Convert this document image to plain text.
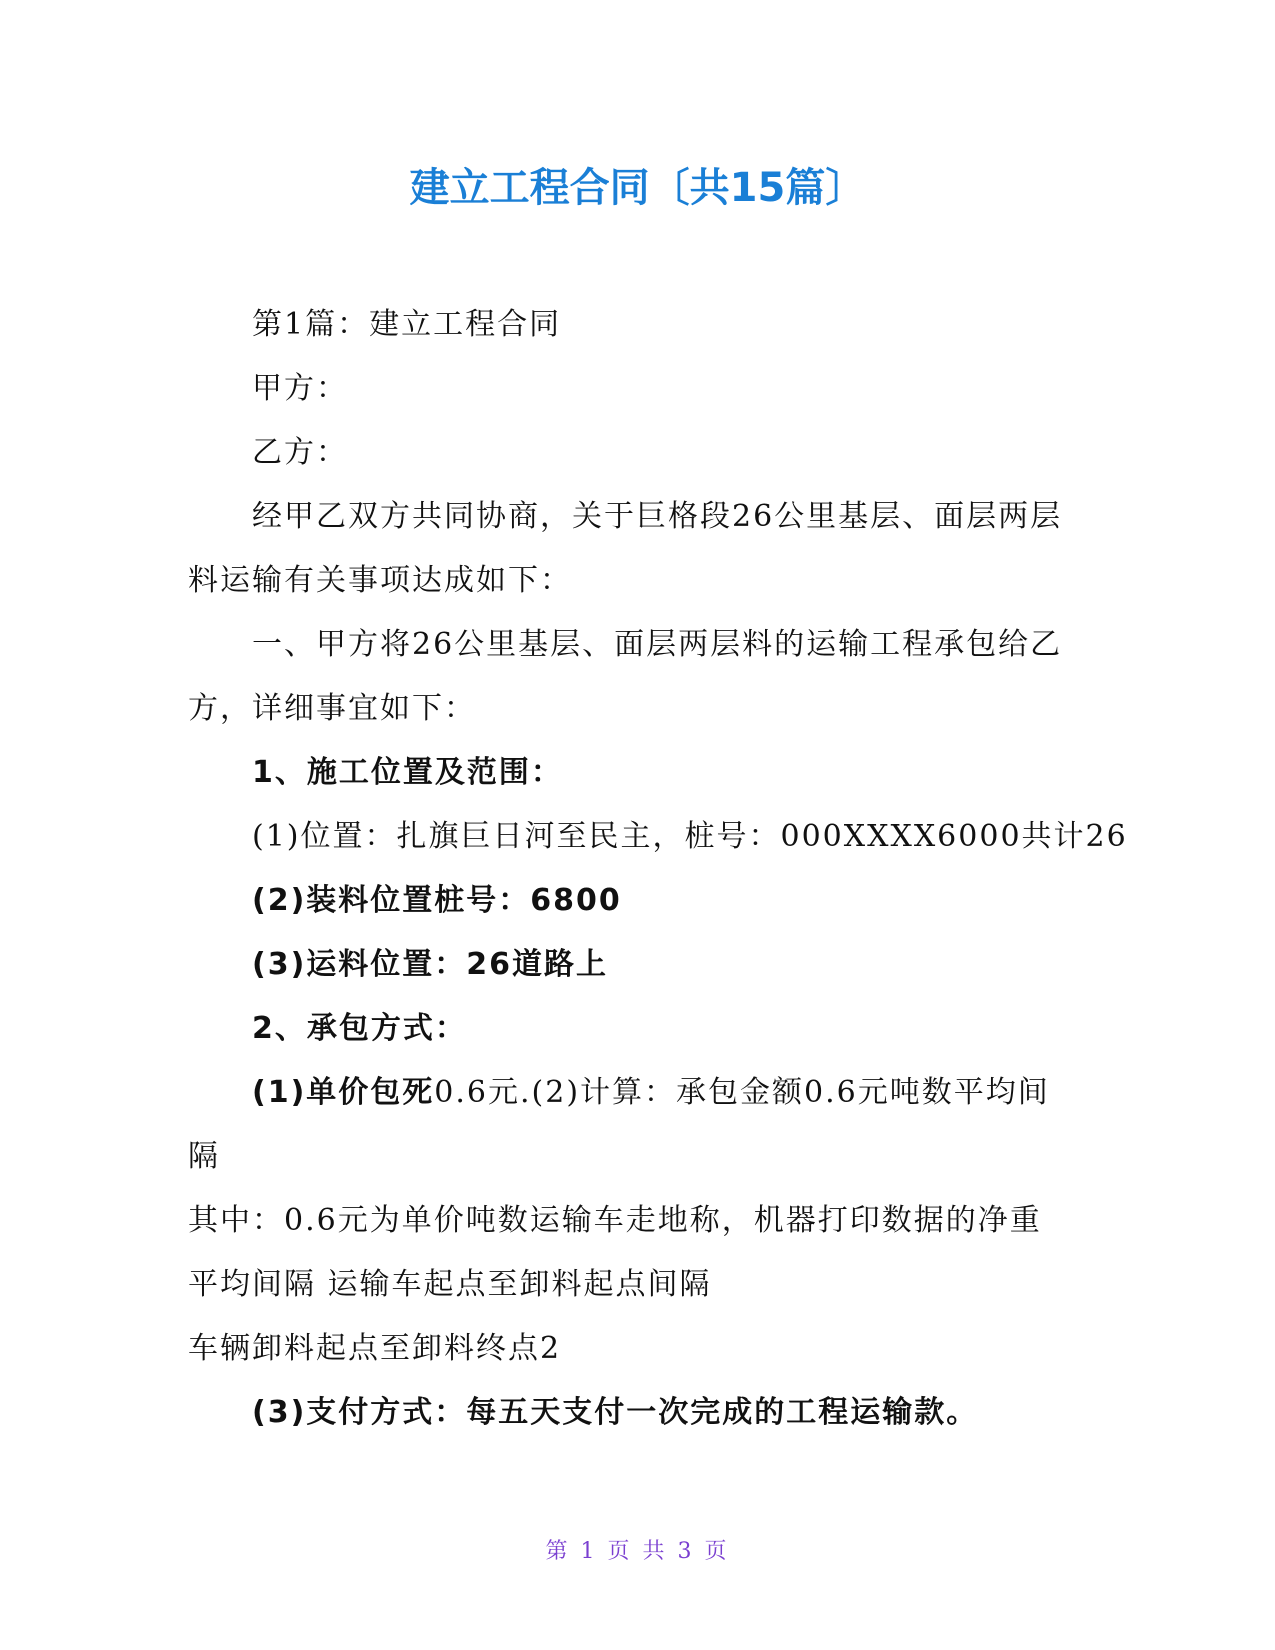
建立工程合同〔共15篇〕
第1篇：建立工程合同
甲方：
乙方：
经甲乙双方共同协商，关于巨格段26公里基层、面层两层
料运输有关事项达成如下：
一、甲方将26公里基层、面层两层料的运输工程承包给乙
方，详细事宜如下：
1、施工位置及范围：
(1)位置：扎旗巨日河至民主，桩号：000XXXX6000共计26
(2)装料位置桩号：6800
(3)运料位置：26道路上
2、承包方式：
(1)单价包死0.6元.(2)计算：承包金额0.6元吨数平均间
隔
其中：0.6元为单价吨数运输车走地称，机器打印数据的净重
平均间隔 运输车起点至卸料起点间隔
车辆卸料起点至卸料终点2
(3)支付方式：每五天支付一次完成的工程运输款。
第 1 页 共 3 页
